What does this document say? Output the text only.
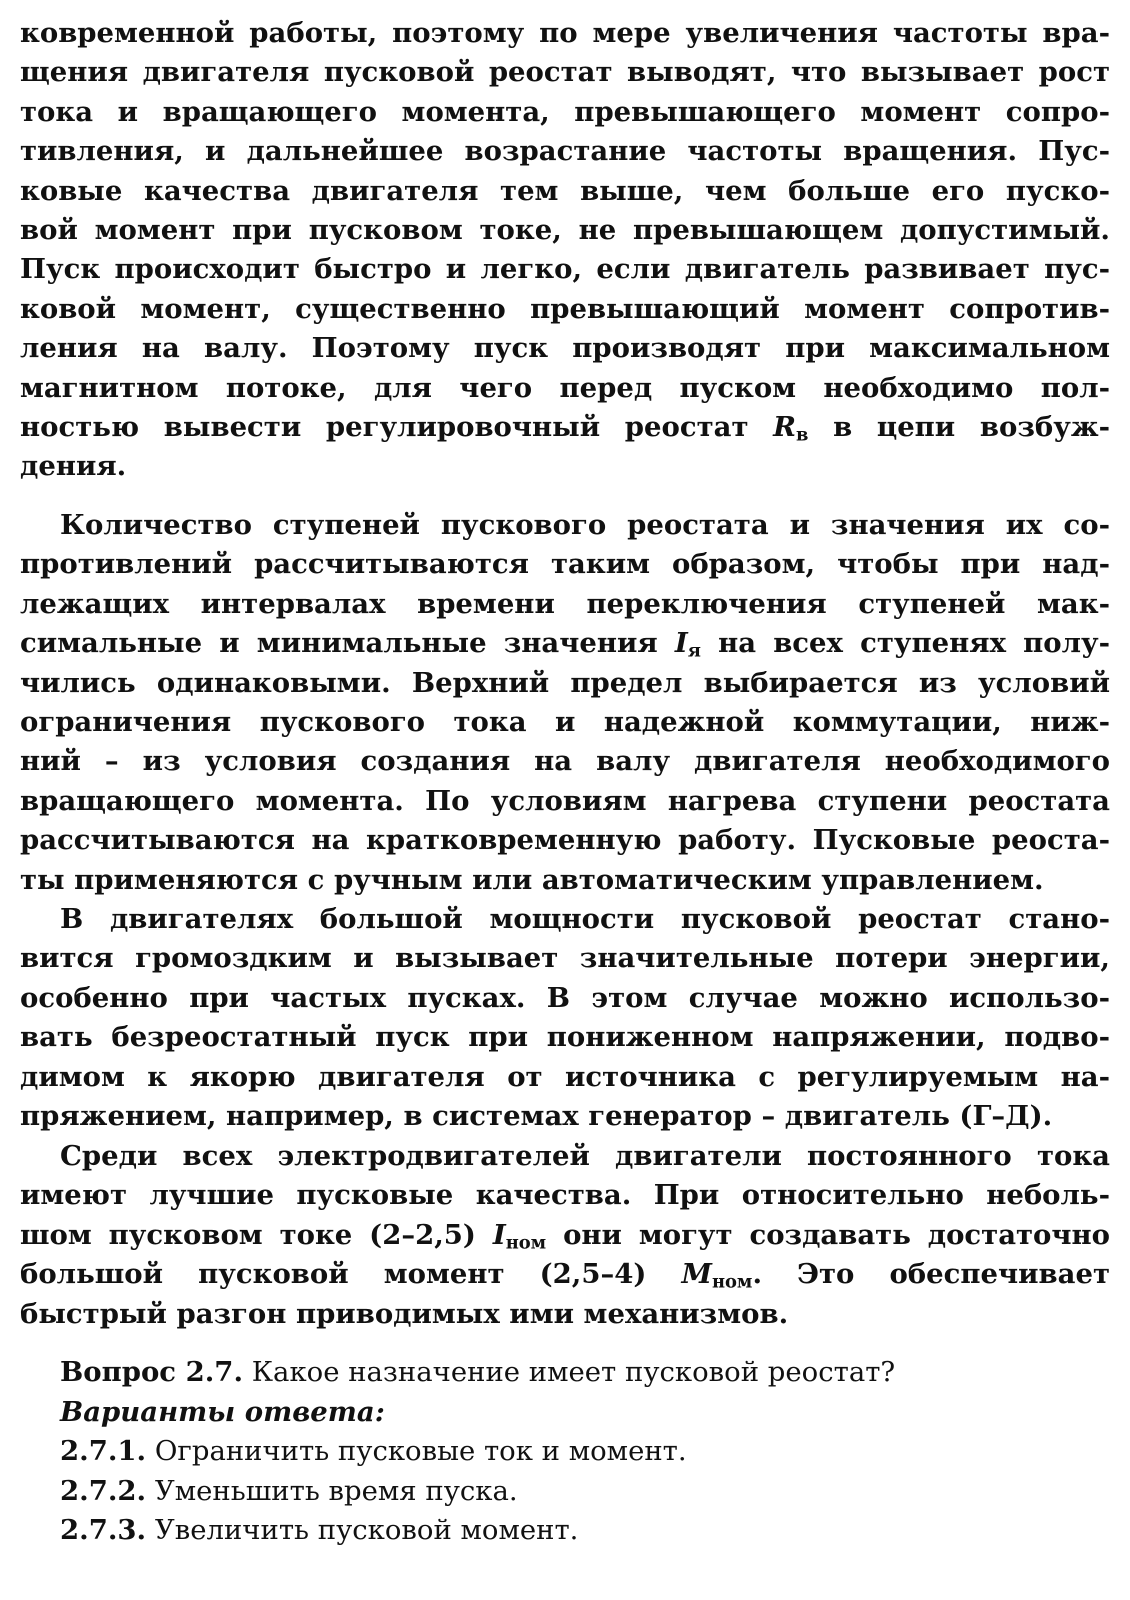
ковременной работы, поэтому по мере увеличения частоты вра-
щения двигателя пусковой реостат выводят, что вызывает рост
тока и вращающего момента, превышающего момент сопро-
тивления, и дальнейшее возрастание частоты вращения. Пус-
ковые качества двигателя тем выше, чем больше его пуско-
вой момент при пусковом токе, не превышающем допустимый.
Пуск происходит быстро и легко, если двигатель развивает пус-
ковой момент, существенно превышающий момент сопротив-
ления на валу. Поэтому пуск производят при максимальном
магнитном потоке, для чего перед пуском необходимо пол-
ностью вывести регулировочный реостат $R_в$ в цепи возбуж-
дения.
Количество ступеней пускового реостата и значения их со-
противлений рассчитываются таким образом, чтобы при над-
лежащих интервалах времени переключения ступеней мак-
симальные и минимальные значения $I_я$ на всех ступенях полу-
чились одинаковыми. Верхний предел выбирается из условий
ограничения пускового тока и надежной коммутации, ниж-
ний – из условия создания на валу двигателя необходимого
вращающего момента. По условиям нагрева ступени реостата
рассчитываются на кратковременную работу. Пусковые реоста-
ты применяются с ручным или автоматическим управлением.
В двигателях большой мощности пусковой реостат стано-
вится громоздким и вызывает значительные потери энергии,
особенно при частых пусках. В этом случае можно использо-
вать безреостатный пуск при пониженном напряжении, подво-
димом к якорю двигателя от источника с регулируемым на-
пряжением, например, в системах генератор – двигатель (Г–Д).
Среди всех электродвигателей двигатели постоянного тока
имеют лучшие пусковые качества. При относительно неболь-
шом пусковом токе (2–2,5) $I_{ном}$ они могут создавать достаточно
большой пусковой момент (2,5–4) $M_{ном}$. Это обеспечивает
быстрый разгон приводимых ими механизмов.
Вопрос 2.7. Какое назначение имеет пусковой реостат?
Варианты ответа:
2.7.1. Ограничить пусковые ток и момент.
2.7.2. Уменьшить время пуска.
2.7.3. Увеличить пусковой момент.
